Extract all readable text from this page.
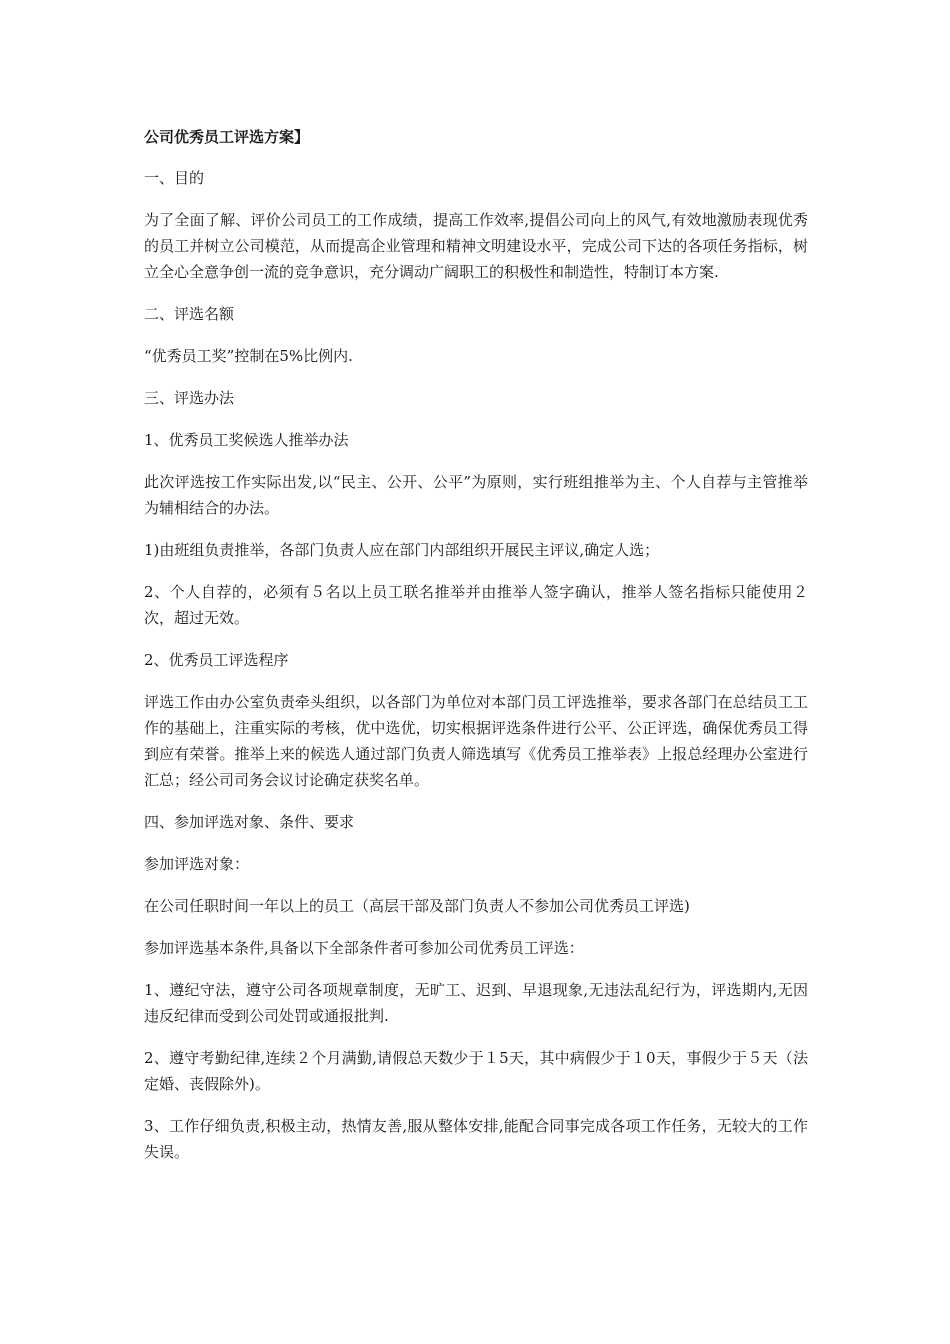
公司优秀员工评选方案】

一、目的

为了全面了解、评价公司员工的工作成绩，提高工作效率,提倡公司向上的风气,有效地激励表现优秀的员工并树立公司模范，从而提高企业管理和精神文明建设水平，完成公司下达的各项任务指标，树立全心全意争创一流的竞争意识，充分调动广阔职工的积极性和制造性，特制订本方案.

二、评选名额

“优秀员工奖”控制在5%比例内.

三、评选办法

1、优秀员工奖候选人推举办法

此次评选按工作实际出发,以“民主、公开、公平”为原则，实行班组推举为主、个人自荐与主管推举为辅相结合的办法。

1)由班组负责推举，各部门负责人应在部门内部组织开展民主评议,确定人选；

2、个人自荐的，必须有５名以上员工联名推举并由推举人签字确认，推举人签名指标只能使用２次，超过无效。

2、优秀员工评选程序

评选工作由办公室负责牵头组织，以各部门为单位对本部门员工评选推举，要求各部门在总结员工工作的基础上，注重实际的考核，优中选优，切实根据评选条件进行公平、公正评选，确保优秀员工得到应有荣誉。推举上来的候选人通过部门负责人筛选填写《优秀员工推举表》上报总经理办公室进行汇总；经公司司务会议讨论确定获奖名单。

四、参加评选对象、条件、要求

参加评选对象：

在公司任职时间一年以上的员工（高层干部及部门负责人不参加公司优秀员工评选)

参加评选基本条件,具备以下全部条件者可参加公司优秀员工评选：

1、遵纪守法，遵守公司各项规章制度，无旷工、迟到、早退现象,无违法乱纪行为，评选期内,无因违反纪律而受到公司处罚或通报批判.

2、遵守考勤纪律,连续２个月满勤,请假总天数少于１5天，其中病假少于１0天，事假少于５天（法定婚、丧假除外)。

3、工作仔细负责,积极主动，热情友善,服从整体安排,能配合同事完成各项工作任务，无较大的工作失误。
